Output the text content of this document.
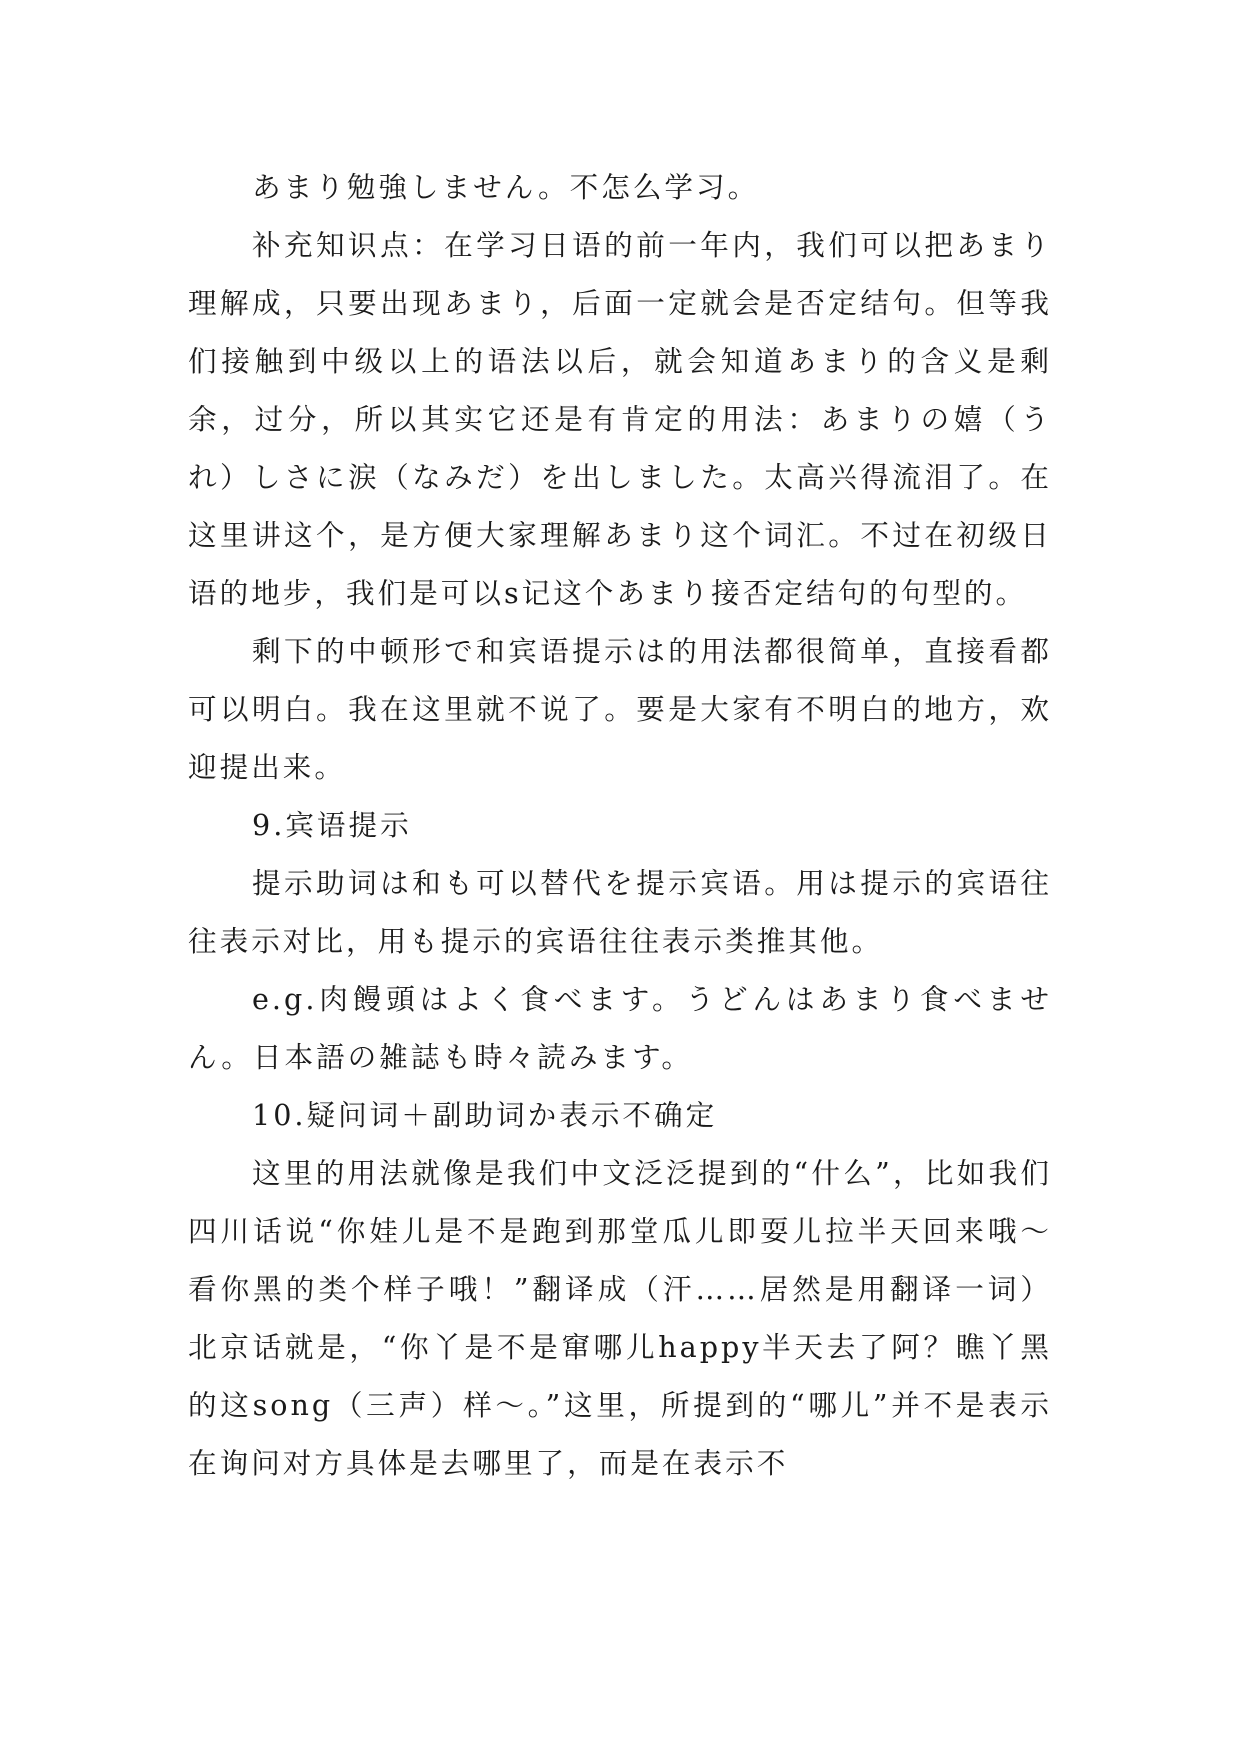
あまり勉強しません。不怎么学习。

补充知识点：在学习日语的前一年内，我们可以把あまり理解成，只要出现あまり，后面一定就会是否定结句。但等我们接触到中级以上的语法以后，就会知道あまり的含义是剩余，过分，所以其实它还是有肯定的用法：あまりの嬉（うれ）しさに涙（なみだ）を出しました。太高兴得流泪了。在这里讲这个，是方便大家理解あまり这个词汇。不过在初级日语的地步，我们是可以s记这个あまり接否定结句的句型的。

剩下的中顿形で和宾语提示は的用法都很简单，直接看都可以明白。我在这里就不说了。要是大家有不明白的地方，欢迎提出来。

9.宾语提示

提示助词は和も可以替代を提示宾语。用は提示的宾语往往表示对比，用も提示的宾语往往表示类推其他。

e.g.肉饅頭はよく食べます。うどんはあまり食べません。日本語の雑誌も時々読みます。

10.疑问词＋副助词か表示不确定

这里的用法就像是我们中文泛泛提到的“什么”，比如我们四川话说“你娃儿是不是跑到那堂瓜儿即耍儿拉半天回来哦～看你黑的类个样子哦！”翻译成（汗……居然是用翻译一词）北京话就是，“你丫是不是窜哪儿happy半天去了阿？瞧丫黑的这song（三声）样～。”这里，所提到的“哪儿”并不是表示在询问对方具体是去哪里了，而是在表示不
